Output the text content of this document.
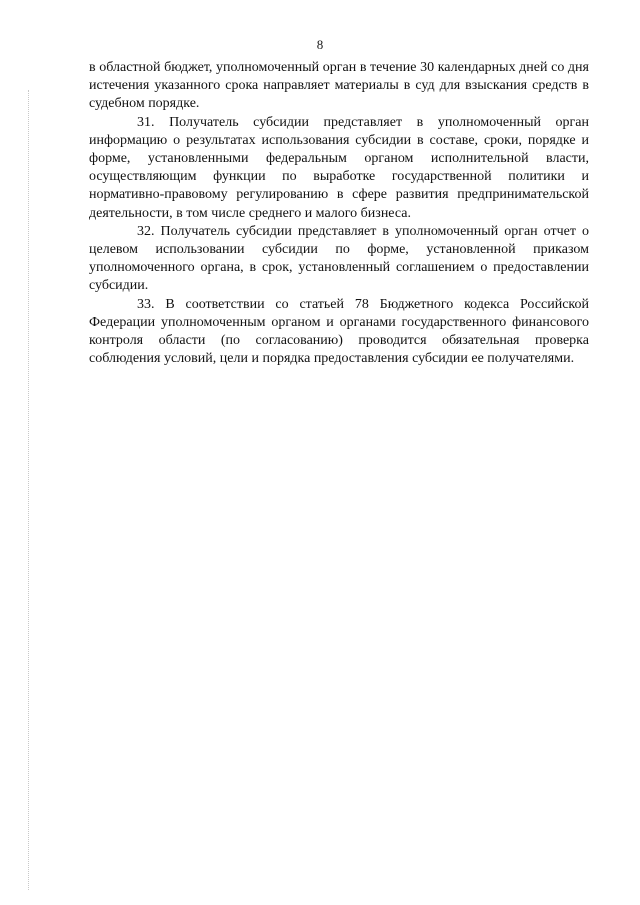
8

в областной бюджет, уполномоченный орган в течение 30 календарных дней со дня истечения указанного срока направляет материалы в суд для взыскания средств в судебном порядке.

31. Получатель субсидии представляет в уполномоченный орган информацию о результатах использования субсидии в составе, сроки, порядке и форме, установленными федеральным органом исполнительной власти, осуществляющим функции по выработке государственной политики и нормативно-правовому регулированию в сфере развития предпринимательской деятельности, в том числе среднего и малого бизнеса.

32. Получатель субсидии представляет в уполномоченный орган отчет о целевом использовании субсидии по форме, установленной приказом уполномоченного органа, в срок, установленный соглашением о предоставлении субсидии.

33. В соответствии со статьей 78 Бюджетного кодекса Российской Федерации уполномоченным органом и органами государственного финансового контроля области (по согласованию) проводится обязательная проверка соблюдения условий, цели и порядка предоставления субсидии ее получателями.
